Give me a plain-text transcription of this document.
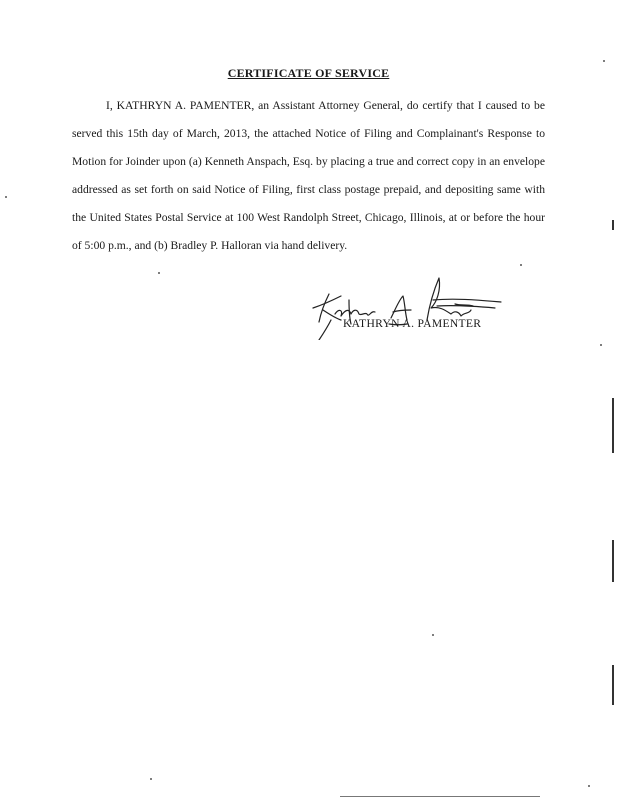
CERTIFICATE OF SERVICE

I, KATHRYN A. PAMENTER, an Assistant Attorney General, do certify that I caused to be served this 15th day of March, 2013, the attached Notice of Filing and Complainant's Response to Motion for Joinder upon (a) Kenneth Anspach, Esq. by placing a true and correct copy in an envelope addressed as set forth on said Notice of Filing, first class postage prepaid, and depositing same with the United States Postal Service at 100 West Randolph Street, Chicago, Illinois, at or before the hour of 5:00 p.m., and (b) Bradley P. Halloran via hand delivery.

KATHRYN A. PAMENTER
